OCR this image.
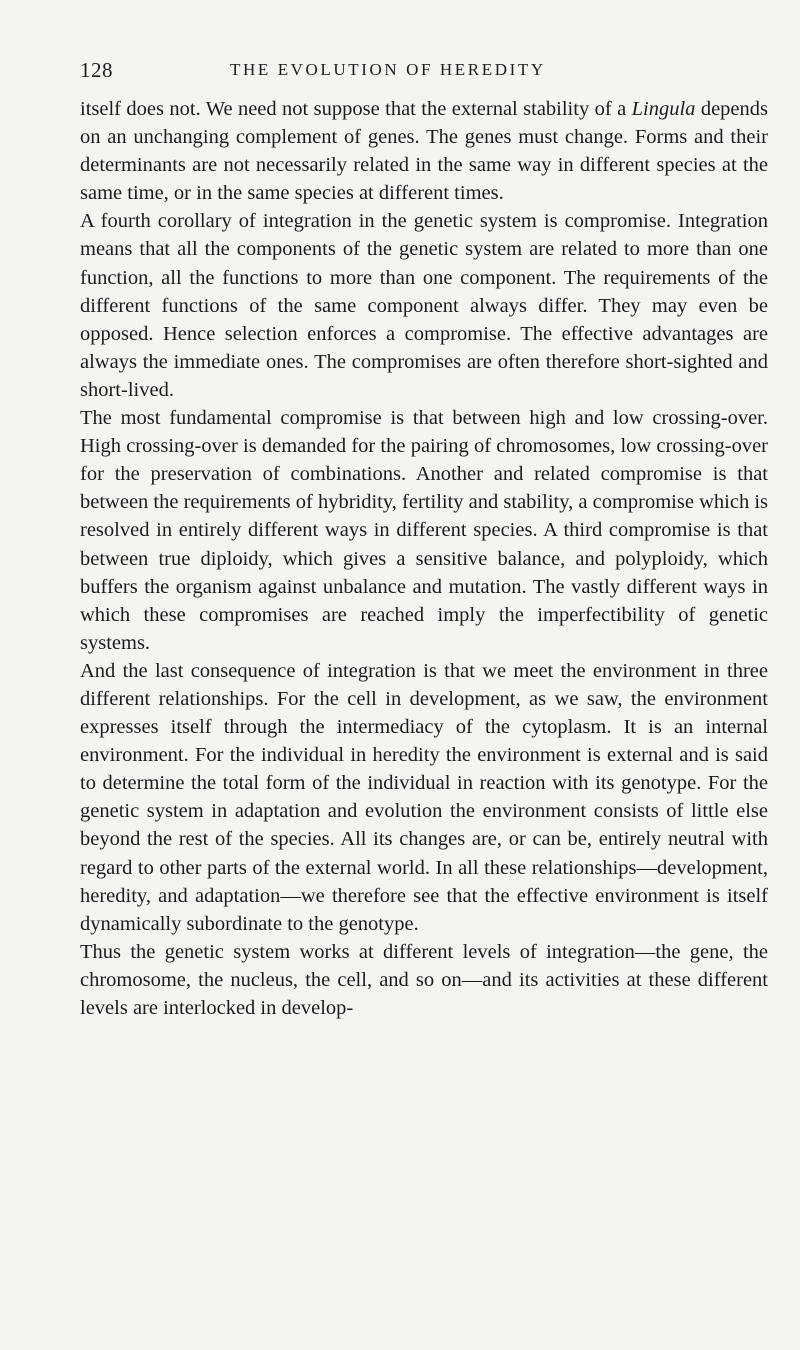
128	THE EVOLUTION OF HEREDITY

itself does not. We need not suppose that the external stability of a Lingula depends on an unchanging complement of genes. The genes must change. Forms and their determinants are not necessarily related in the same way in different species at the same time, or in the same species at different times.

A fourth corollary of integration in the genetic system is compromise. Integration means that all the components of the genetic system are related to more than one function, all the functions to more than one component. The requirements of the different functions of the same component always differ. They may even be opposed. Hence selection enforces a compromise. The effective advantages are always the immediate ones. The compromises are often therefore short-sighted and short-lived.

The most fundamental compromise is that between high and low crossing-over. High crossing-over is demanded for the pairing of chromosomes, low crossing-over for the preservation of combinations. Another and related compromise is that between the requirements of hybridity, fertility and stability, a compromise which is resolved in entirely different ways in different species. A third compromise is that between true diploidy, which gives a sensitive balance, and polyploidy, which buffers the organism against unbalance and mutation. The vastly different ways in which these compromises are reached imply the imperfectibility of genetic systems.

And the last consequence of integration is that we meet the environment in three different relationships. For the cell in development, as we saw, the environment expresses itself through the intermediacy of the cytoplasm. It is an internal environment. For the individual in heredity the environment is external and is said to determine the total form of the individual in reaction with its genotype. For the genetic system in adaptation and evolution the environment consists of little else beyond the rest of the species. All its changes are, or can be, entirely neutral with regard to other parts of the external world. In all these relationships—development, heredity, and adaptation—we therefore see that the effective environment is itself dynamically subordinate to the genotype.

Thus the genetic system works at different levels of integration—the gene, the chromosome, the nucleus, the cell, and so on—and its activities at these different levels are interlocked in develop-
